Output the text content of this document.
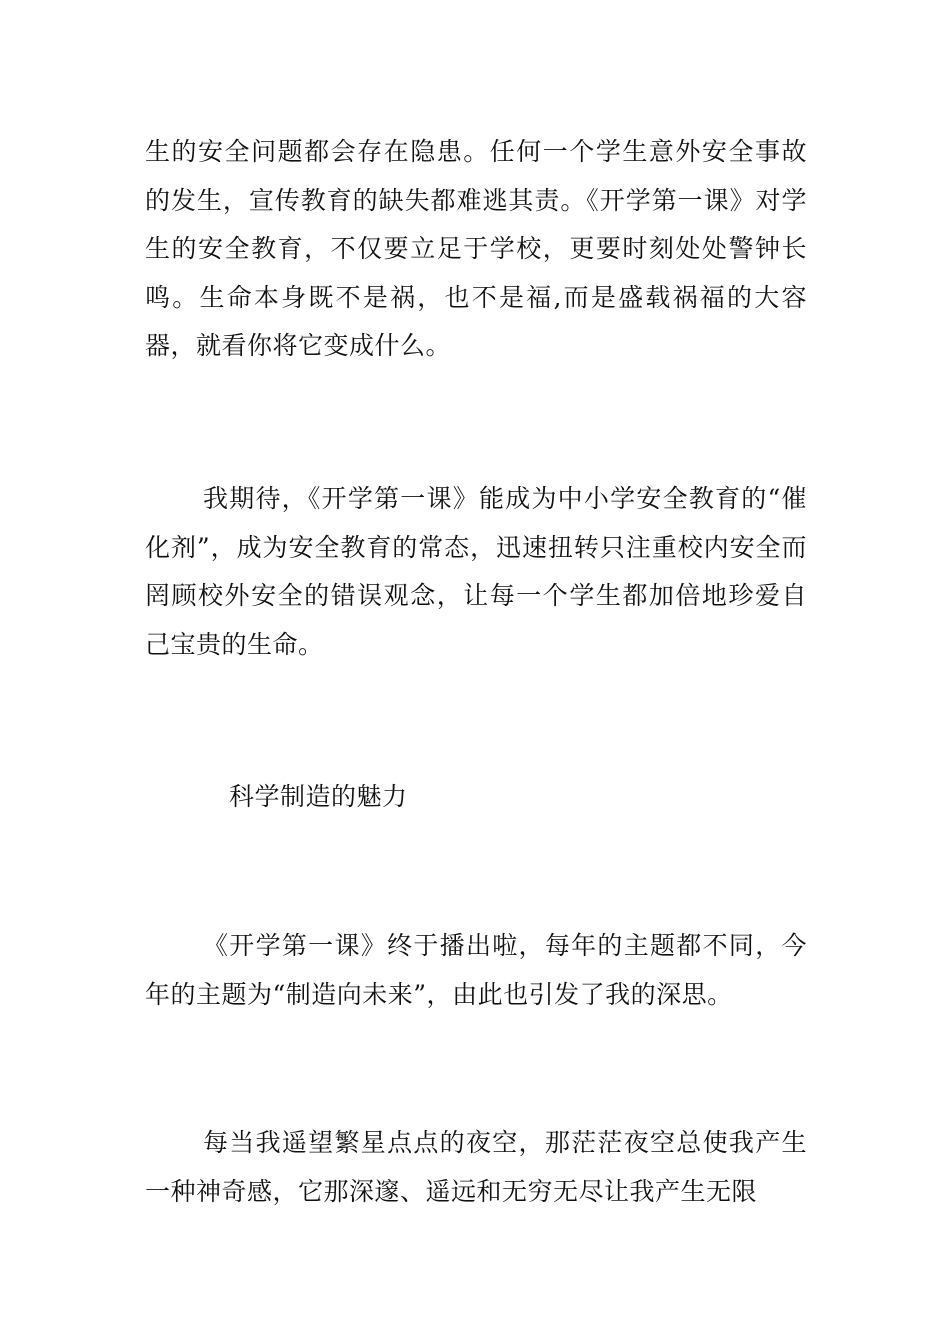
生的安全问题都会存在隐患。任何一个学生意外安全事故的发生，宣传教育的缺失都难逃其责。《开学第一课》对学生的安全教育，不仅要立足于学校，更要时刻处处警钟长鸣。生命本身既不是祸，也不是福,而是盛载祸福的大容器，就看你将它变成什么。

我期待，《开学第一课》能成为中小学安全教育的“催化剂”，成为安全教育的常态，迅速扭转只注重校内安全而罔顾校外安全的错误观念，让每一个学生都加倍地珍爱自己宝贵的生命。

科学制造的魅力

《开学第一课》终于播出啦，每年的主题都不同，今年的主题为“制造向未来”，由此也引发了我的深思。

每当我遥望繁星点点的夜空，那茫茫夜空总使我产生一种神奇感，它那深邃、遥远和无穷无尽让我产生无限
